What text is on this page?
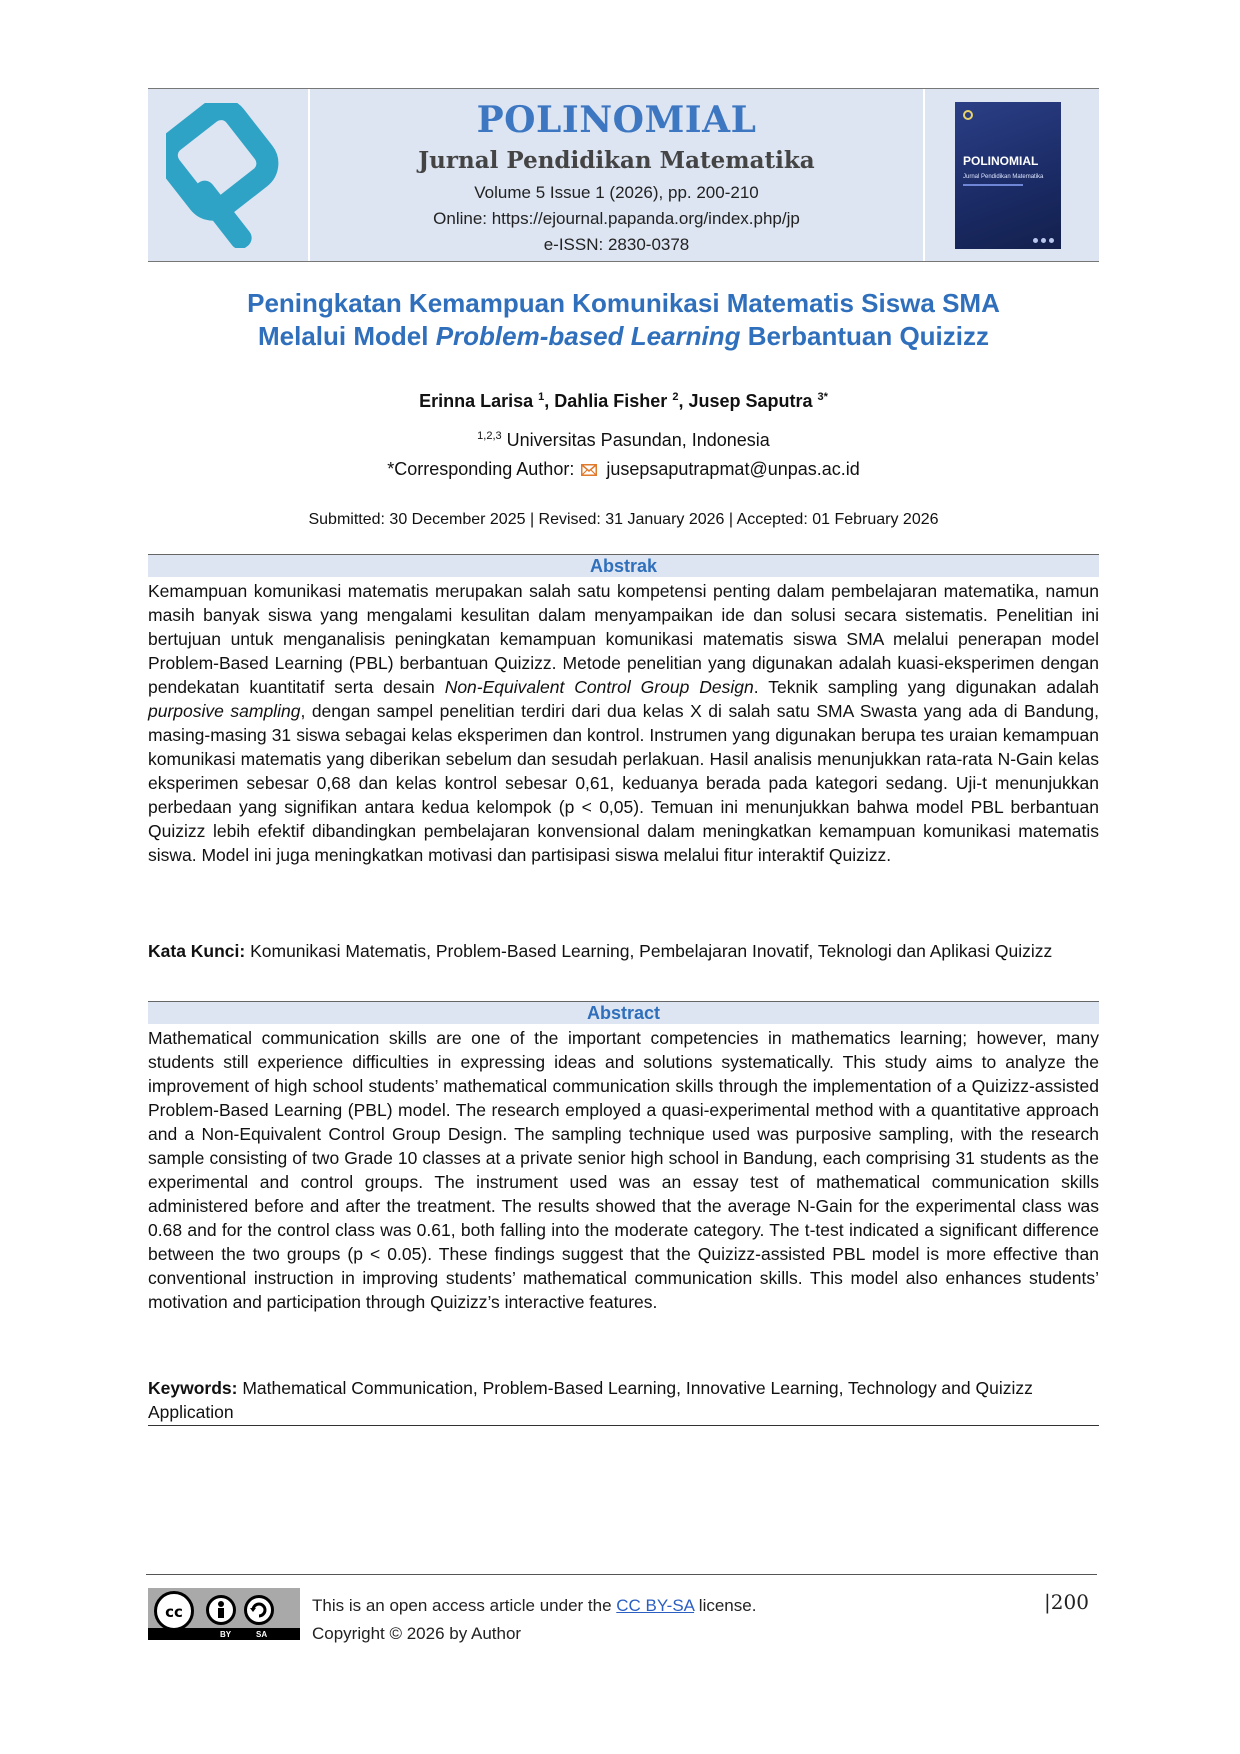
POLINOMIAL
Jurnal Pendidikan Matematika
Volume 5 Issue 1 (2026), pp. 200-210
Online: https://ejournal.papanda.org/index.php/jp
e-ISSN: 2830-0378
POLINOMIAL
Jurnal Pendidikan Matematika
Peningkatan Kemampuan Komunikasi Matematis Siswa SMA
Melalui Model Problem-based Learning Berbantuan Quizizz
Erinna Larisa $^1$, Dahlia Fisher $^2$, Jusep Saputra $^{3*}$
$^{1,2,3}$ Universitas Pasundan, Indonesia
*Corresponding Author: jusepsaputrapmat@unpas.ac.id
Submitted: 30 December 2025 | Revised: 31 January 2026 | Accepted: 01 February 2026
Abstrak
Kemampuan komunikasi matematis merupakan salah satu kompetensi penting dalam pembelajaran matematika, namun masih banyak siswa yang mengalami kesulitan dalam menyampaikan ide dan solusi secara sistematis. Penelitian ini bertujuan untuk menganalisis peningkatan kemampuan komunikasi matematis siswa SMA melalui penerapan model Problem-Based Learning (PBL) berbantuan Quizizz. Metode penelitian yang digunakan adalah kuasi-eksperimen dengan pendekatan kuantitatif serta desain Non-Equivalent Control Group Design. Teknik sampling yang digunakan adalah purposive sampling, dengan sampel penelitian terdiri dari dua kelas X di salah satu SMA Swasta yang ada di Bandung, masing-masing 31 siswa sebagai kelas eksperimen dan kontrol. Instrumen yang digunakan berupa tes uraian kemampuan komunikasi matematis yang diberikan sebelum dan sesudah perlakuan. Hasil analisis menunjukkan rata-rata N-Gain kelas eksperimen sebesar 0,68 dan kelas kontrol sebesar 0,61, keduanya berada pada kategori sedang. Uji-t menunjukkan perbedaan yang signifikan antara kedua kelompok (p < 0,05). Temuan ini menunjukkan bahwa model PBL berbantuan Quizizz lebih efektif dibandingkan pembelajaran konvensional dalam meningkatkan kemampuan komunikasi matematis siswa. Model ini juga meningkatkan motivasi dan partisipasi siswa melalui fitur interaktif Quizizz.
Kata Kunci: Komunikasi Matematis, Problem-Based Learning, Pembelajaran Inovatif, Teknologi dan Aplikasi Quizizz
Abstract
Mathematical communication skills are one of the important competencies in mathematics learning; however, many students still experience difficulties in expressing ideas and solutions systematically. This study aims to analyze the improvement of high school students’ mathematical communication skills through the implementation of a Quizizz-assisted Problem-Based Learning (PBL) model. The research employed a quasi-experimental method with a quantitative approach and a Non-Equivalent Control Group Design. The sampling technique used was purposive sampling, with the research sample consisting of two Grade 10 classes at a private senior high school in Bandung, each comprising 31 students as the experimental and control groups. The instrument used was an essay test of mathematical communication skills administered before and after the treatment. The results showed that the average N-Gain for the experimental class was 0.68 and for the control class was 0.61, both falling into the moderate category. The t-test indicated a significant difference between the two groups (p < 0.05). These findings suggest that the Quizizz-assisted PBL model is more effective than conventional instruction in improving students’ mathematical communication skills. This model also enhances students’ motivation and participation through Quizizz’s interactive features.
Keywords: Mathematical Communication, Problem-Based Learning, Innovative Learning, Technology and Quizizz Application
cc
BY	SA
This is an open access article under the CC BY-SA license.
Copyright © 2026 by Author
|200
